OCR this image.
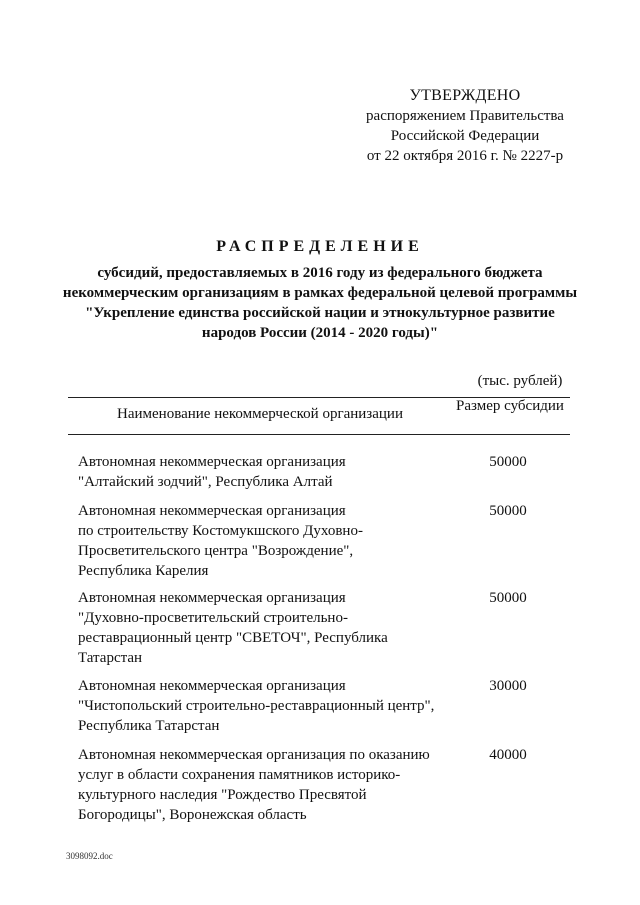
УТВЕРЖДЕНО
распоряжением Правительства
Российской Федерации
от 22 октября 2016 г. № 2227-р
РАСПРЕДЕЛЕНИЕ
субсидий, предоставляемых в 2016 году из федерального бюджета некоммерческим организациям в рамках федеральной целевой программы "Укрепление единства российской нации и этнокультурное развитие народов России (2014 - 2020 годы)"
(тыс. рублей)
Наименование некоммерческой организации	Размер субсидии
Автономная некоммерческая организация
"Алтайский зодчий", Республика Алтай
50000
Автономная некоммерческая организация
по строительству Костомукшского Духовно-
Просветительского центра "Возрождение",
Республика Карелия
50000
Автономная некоммерческая организация
"Духовно-просветительский строительно-
реставрационный центр "СВЕТОЧ", Республика
Татарстан
50000
Автономная некоммерческая организация
"Чистопольский строительно-реставрационный центр",
Республика Татарстан
30000
Автономная некоммерческая организация по оказанию
услуг в области сохранения памятников историко-
культурного наследия "Рождество Пресвятой
Богородицы", Воронежская область
40000
3098092.doc
